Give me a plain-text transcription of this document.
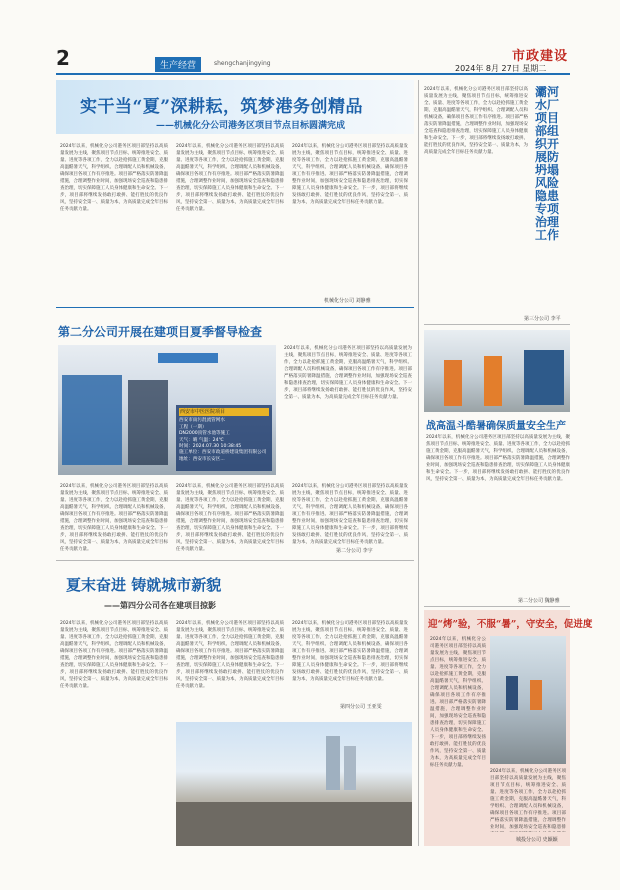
2	生产经营	shengchanjingying	市政建设
2024年 8月 27日 星期二
实干当“夏”深耕耘，筑梦港务创精品
——机械化分公司港务区项目节点目标圆满完成
2024年以来，机械化分公司港务区项目部坚持以高质量发展为主线，聚焦项目节点目标，统筹推进安全、质量、进度等各项工作，全力以赴抢抓施工黄金期，克服高温酷暑天气，科学组织、合理调配人员和机械设备，确保项目各项工作有序推进。项目部严格落实防暑降温措施，合理调整作业时间，加强现场安全巡查和隐患排查治理，切实保障施工人员身体健康和生命安全。下一步，项目部将继续发扬敢打敢拼、能打胜仗的优良作风，坚持安全第一、质量为本，为高质量完成全年目标任务贡献力量。
2024年以来，机械化分公司港务区项目部坚持以高质量发展为主线，聚焦项目节点目标，统筹推进安全、质量、进度等各项工作，全力以赴抢抓施工黄金期，克服高温酷暑天气，科学组织、合理调配人员和机械设备，确保项目各项工作有序推进。项目部严格落实防暑降温措施，合理调整作业时间，加强现场安全巡查和隐患排查治理，切实保障施工人员身体健康和生命安全。下一步，项目部将继续发扬敢打敢拼、能打胜仗的优良作风，坚持安全第一、质量为本，为高质量完成全年目标任务贡献力量。
2024年以来，机械化分公司港务区项目部坚持以高质量发展为主线，聚焦项目节点目标，统筹推进安全、质量、进度等各项工作，全力以赴抢抓施工黄金期，克服高温酷暑天气，科学组织、合理调配人员和机械设备，确保项目各项工作有序推进。项目部严格落实防暑降温措施，合理调整作业时间，加强现场安全巡查和隐患排查治理，切实保障施工人员身体健康和生命安全。下一步，项目部将继续发扬敢打敢拼、能打胜仗的优良作风，坚持安全第一、质量为本，为高质量完成全年目标任务贡献力量。
机械化分公司 刘静雅
第二分公司开展在建项目夏季督导检查
西安市中医医院项目
西安市雨污混流管网水
工程（一期）
DN2000顶管水池等施工
天气：晴 气温：24℃
时间：2024.07.30 10:38:45
施工单位：西安市政道桥建设集团有限公司
地址：西安市长安区...
2024年以来，机械化分公司港务区项目部坚持以高质量发展为主线，聚焦项目节点目标，统筹推进安全、质量、进度等各项工作，全力以赴抢抓施工黄金期，克服高温酷暑天气，科学组织、合理调配人员和机械设备，确保项目各项工作有序推进。项目部严格落实防暑降温措施，合理调整作业时间，加强现场安全巡查和隐患排查治理，切实保障施工人员身体健康和生命安全。下一步，项目部将继续发扬敢打敢拼、能打胜仗的优良作风，坚持安全第一、质量为本，为高质量完成全年目标任务贡献力量。
2024年以来，机械化分公司港务区项目部坚持以高质量发展为主线，聚焦项目节点目标，统筹推进安全、质量、进度等各项工作，全力以赴抢抓施工黄金期，克服高温酷暑天气，科学组织、合理调配人员和机械设备，确保项目各项工作有序推进。项目部严格落实防暑降温措施，合理调整作业时间，加强现场安全巡查和隐患排查治理，切实保障施工人员身体健康和生命安全。下一步，项目部将继续发扬敢打敢拼、能打胜仗的优良作风，坚持安全第一、质量为本，为高质量完成全年目标任务贡献力量。
2024年以来，机械化分公司港务区项目部坚持以高质量发展为主线，聚焦项目节点目标，统筹推进安全、质量、进度等各项工作，全力以赴抢抓施工黄金期，克服高温酷暑天气，科学组织、合理调配人员和机械设备，确保项目各项工作有序推进。项目部严格落实防暑降温措施，合理调整作业时间，加强现场安全巡查和隐患排查治理，切实保障施工人员身体健康和生命安全。下一步，项目部将继续发扬敢打敢拼、能打胜仗的优良作风，坚持安全第一、质量为本，为高质量完成全年目标任务贡献力量。
2024年以来，机械化分公司港务区项目部坚持以高质量发展为主线，聚焦项目节点目标，统筹推进安全、质量、进度等各项工作，全力以赴抢抓施工黄金期，克服高温酷暑天气，科学组织、合理调配人员和机械设备，确保项目各项工作有序推进。项目部严格落实防暑降温措施，合理调整作业时间，加强现场安全巡查和隐患排查治理，切实保障施工人员身体健康和生命安全。下一步，项目部将继续发扬敢打敢拼、能打胜仗的优良作风，坚持安全第一、质量为本，为高质量完成全年目标任务贡献力量。
第二分公司 李宇
夏末奋进 铸就城市新貌
——第四分公司各在建项目掠影
2024年以来，机械化分公司港务区项目部坚持以高质量发展为主线，聚焦项目节点目标，统筹推进安全、质量、进度等各项工作，全力以赴抢抓施工黄金期，克服高温酷暑天气，科学组织、合理调配人员和机械设备，确保项目各项工作有序推进。项目部严格落实防暑降温措施，合理调整作业时间，加强现场安全巡查和隐患排查治理，切实保障施工人员身体健康和生命安全。下一步，项目部将继续发扬敢打敢拼、能打胜仗的优良作风，坚持安全第一、质量为本，为高质量完成全年目标任务贡献力量。
2024年以来，机械化分公司港务区项目部坚持以高质量发展为主线，聚焦项目节点目标，统筹推进安全、质量、进度等各项工作，全力以赴抢抓施工黄金期，克服高温酷暑天气，科学组织、合理调配人员和机械设备，确保项目各项工作有序推进。项目部严格落实防暑降温措施，合理调整作业时间，加强现场安全巡查和隐患排查治理，切实保障施工人员身体健康和生命安全。下一步，项目部将继续发扬敢打敢拼、能打胜仗的优良作风，坚持安全第一、质量为本，为高质量完成全年目标任务贡献力量。
2024年以来，机械化分公司港务区项目部坚持以高质量发展为主线，聚焦项目节点目标，统筹推进安全、质量、进度等各项工作，全力以赴抢抓施工黄金期，克服高温酷暑天气，科学组织、合理调配人员和机械设备，确保项目各项工作有序推进。项目部严格落实防暑降温措施，合理调整作业时间，加强现场安全巡查和隐患排查治理，切实保障施工人员身体健康和生命安全。下一步，项目部将继续发扬敢打敢拼、能打胜仗的优良作风，坚持安全第一、质量为本，为高质量完成全年目标任务贡献力量。
第四分公司 王亚雯
2024年以来，机械化分公司港务区项目部坚持以高质量发展为主线，聚焦项目节点目标，统筹推进安全、质量、进度等各项工作，全力以赴抢抓施工黄金期，克服高温酷暑天气，科学组织、合理调配人员和机械设备，确保项目各项工作有序推进。项目部严格落实防暑降温措施，合理调整作业时间，加强现场安全巡查和隐患排查治理，切实保障施工人员身体健康和生命安全。下一步，项目部将继续发扬敢打敢拼、能打胜仗的优良作风，坚持安全第一、质量为本，为高质量完成全年目标任务贡献力量。
灞河水厂项目部组织开展防坍塌风险隐患专项治理工作
第三分公司 李平
战高温斗酷暑确保质量安全生产
2024年以来，机械化分公司港务区项目部坚持以高质量发展为主线，聚焦项目节点目标，统筹推进安全、质量、进度等各项工作，全力以赴抢抓施工黄金期，克服高温酷暑天气，科学组织、合理调配人员和机械设备，确保项目各项工作有序推进。项目部严格落实防暑降温措施，合理调整作业时间，加强现场安全巡查和隐患排查治理，切实保障施工人员身体健康和生命安全。下一步，项目部将继续发扬敢打敢拼、能打胜仗的优良作风，坚持安全第一、质量为本，为高质量完成全年目标任务贡献力量。
第二分公司 魏静雅
迎“烤”验，不服“暑”，守安全，促进度
2024年以来，机械化分公司港务区项目部坚持以高质量发展为主线，聚焦项目节点目标，统筹推进安全、质量、进度等各项工作，全力以赴抢抓施工黄金期，克服高温酷暑天气，科学组织、合理调配人员和机械设备，确保项目各项工作有序推进。项目部严格落实防暑降温措施，合理调整作业时间，加强现场安全巡查和隐患排查治理，切实保障施工人员身体健康和生命安全。下一步，项目部将继续发扬敢打敢拼、能打胜仗的优良作风，坚持安全第一、质量为本，为高质量完成全年目标任务贡献力量。
2024年以来，机械化分公司港务区项目部坚持以高质量发展为主线，聚焦项目节点目标，统筹推进安全、质量、进度等各项工作，全力以赴抢抓施工黄金期，克服高温酷暑天气，科学组织、合理调配人员和机械设备，确保项目各项工作有序推进。项目部严格落实防暑降温措施，合理调整作业时间，加强现场安全巡查和隐患排
城投分公司 史颖颖
